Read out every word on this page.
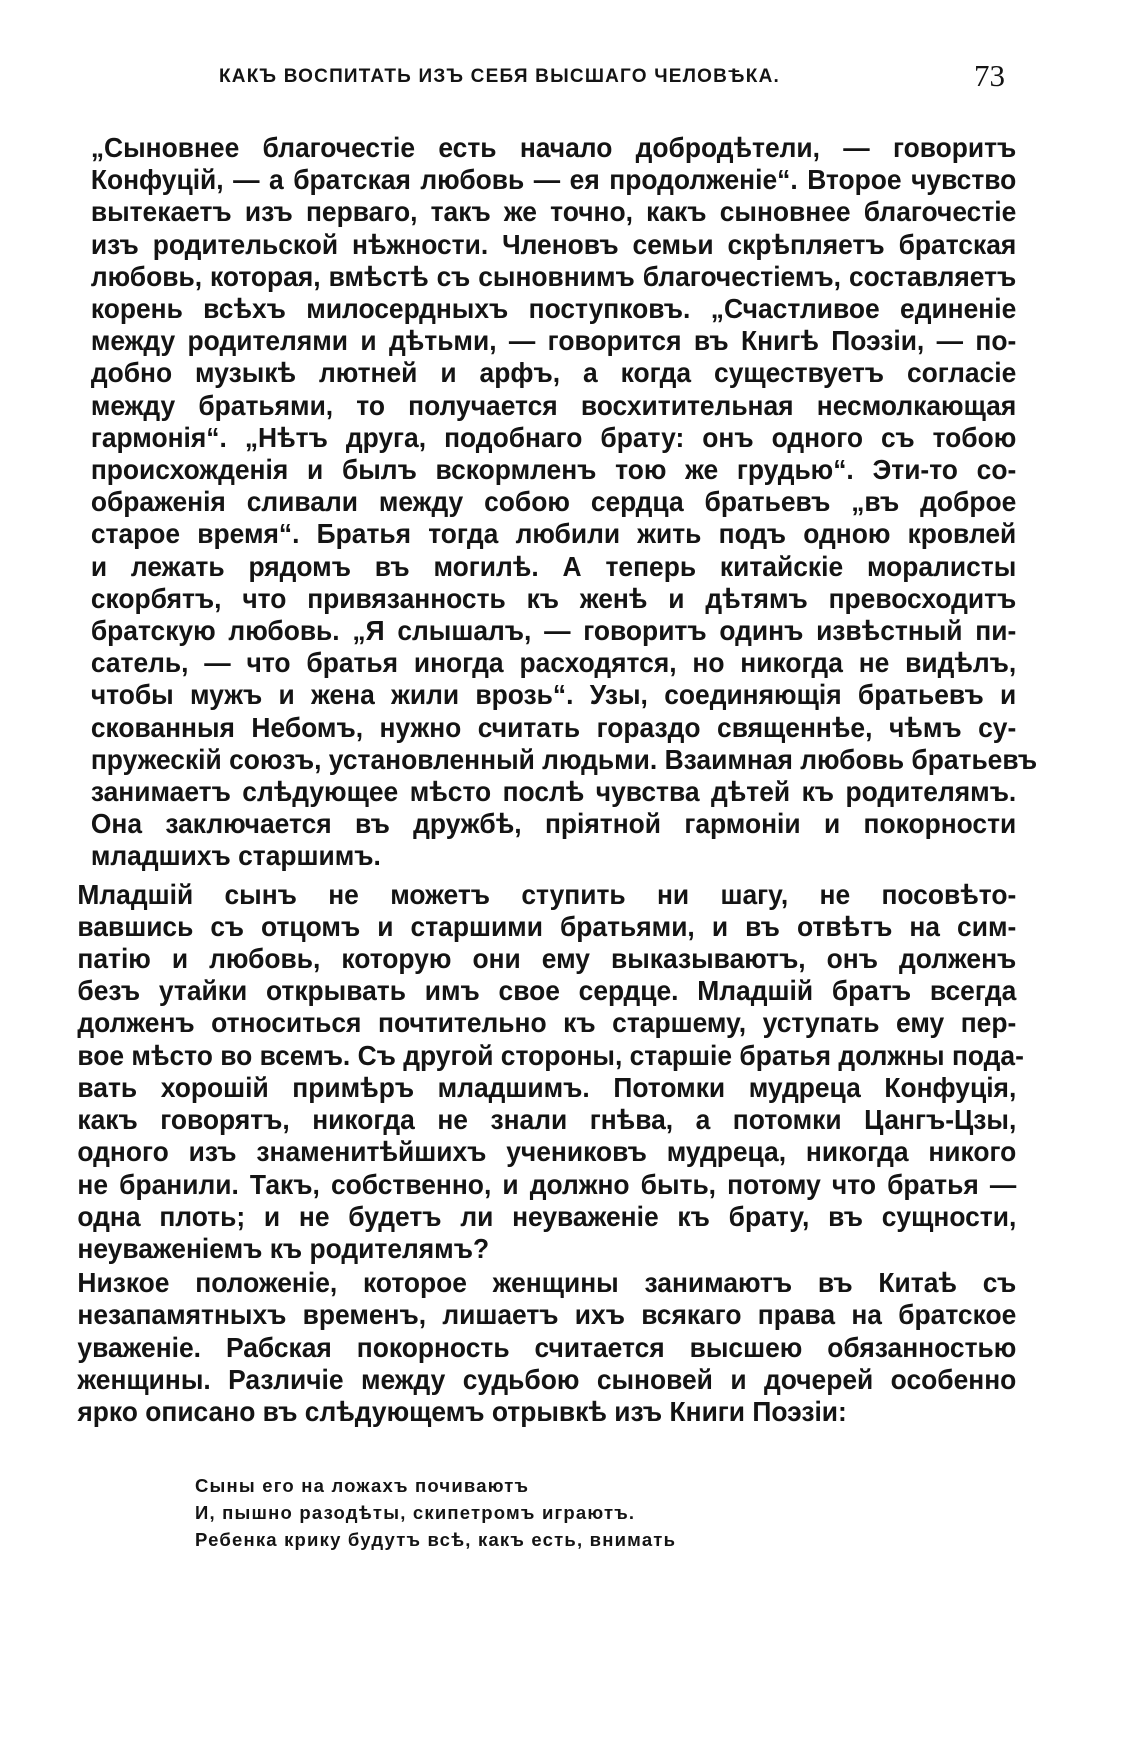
КАКЪ ВОСПИТАТЬ ИЗЪ СЕБЯ ВЫСШАГО ЧЕЛОВѢКА.	73

„Сыновнее благочестіе есть начало добродѣтели, — говоритъ
Конфуцій, — а братская любовь — ея продолженіе“. Второе чувство
вытекаетъ изъ перваго, такъ же точно, какъ сыновнее благочестіе
изъ родительской нѣжности. Членовъ семьи скрѣпляетъ братская
любовь, которая, вмѣстѣ съ сыновнимъ благочестіемъ, составляетъ
корень всѣхъ милосердныхъ поступковъ. „Счастливое единеніе
между родителями и дѣтьми, — говорится въ Книгѣ Поэзіи, — по-
добно музыкѣ лютней и арфъ, а когда существуетъ согласіе
между братьями, то получается восхитительная несмолкающая
гармонія“. „Нѣтъ друга, подобнаго брату: онъ одного съ тобою
происхожденія и былъ вскормленъ тою же грудью“. Эти-то со-
ображенія сливали между собою сердца братьевъ „въ доброе
старое время“. Братья тогда любили жить подъ одною кровлей
и лежать рядомъ въ могилѣ. А теперь китайскіе моралисты
скорбятъ, что привязанность къ женѣ и дѣтямъ превосходитъ
братскую любовь. „Я слышалъ, — говоритъ одинъ извѣстный пи-
сатель, — что братья иногда расходятся, но никогда не видѣлъ,
чтобы мужъ и жена жили врозь“. Узы, соединяющія братьевъ и
скованныя Небомъ, нужно считать гораздо священнѣе, чѣмъ су-
пружескій союзъ, установленный людьми. Взаимная любовь братьевъ
занимаетъ слѣдующее мѣсто послѣ чувства дѣтей къ родителямъ.
Она заключается въ дружбѣ, пріятной гармоніи и покорности
младшихъ старшимъ.

Младшій сынъ не можетъ ступить ни шагу, не посовѣто-
вавшись съ отцомъ и старшими братьями, и въ отвѣтъ на сим-
патію и любовь, которую они ему выказываютъ, онъ долженъ
безъ утайки открывать имъ свое сердце. Младшій братъ всегда
долженъ относиться почтительно къ старшему, уступать ему пер-
вое мѣсто во всемъ. Съ другой стороны, старшіе братья должны пода-
вать хорошій примѣръ младшимъ. Потомки мудреца Конфуція,
какъ говорятъ, никогда не знали гнѣва, а потомки Цангъ-Цзы,
одного изъ знаменитѣйшихъ учениковъ мудреца, никогда никого
не бранили. Такъ, собственно, и должно быть, потому что братья —
одна плоть; и не будетъ ли неуваженіе къ брату, въ сущности,
неуваженіемъ къ родителямъ?

Низкое положеніе, которое женщины занимаютъ въ Китаѣ съ
незапамятныхъ временъ, лишаетъ ихъ всякаго права на братское
уваженіе. Рабская покорность считается высшею обязанностью
женщины. Различіе между судьбою сыновей и дочерей особенно
ярко описано въ слѣдующемъ отрывкѣ изъ Книги Поэзіи:

Сыны его на ложахъ почиваютъ
И, пышно разодѣты, скипетромъ играютъ.
Ребенка крику будутъ всѣ, какъ есть, внимать
